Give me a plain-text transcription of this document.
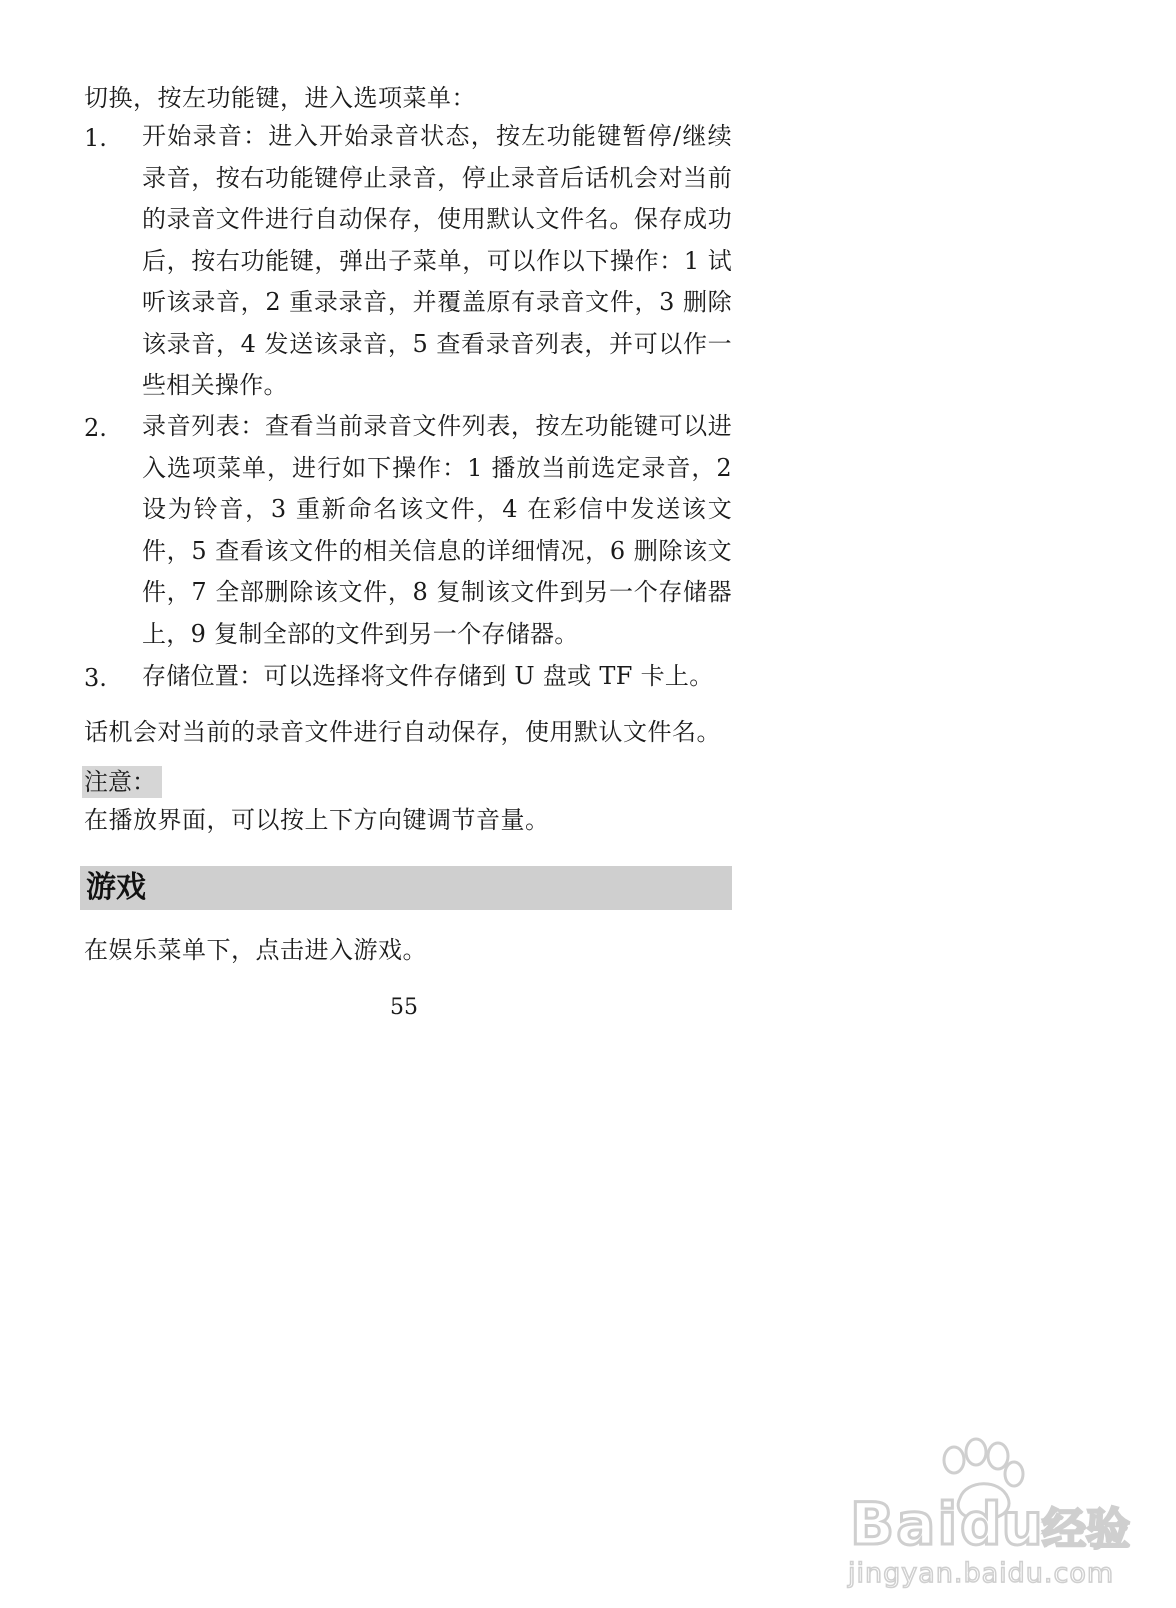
切换，按左功能键，进入选项菜单：
1. 开始录音：进入开始录音状态，按左功能键暂停/继续录音，按右功能键停止录音，停止录音后话机会对当前的录音文件进行自动保存，使用默认文件名。保存成功后，按右功能键，弹出子菜单，可以作以下操作：1 试听该录音，2 重录录音，并覆盖原有录音文件，3 删除该录音，4 发送该录音，5 查看录音列表，并可以作一些相关操作。
2. 录音列表：查看当前录音文件列表，按左功能键可以进入选项菜单，进行如下操作：1 播放当前选定录音，2 设为铃音，3 重新命名该文件，4 在彩信中发送该文件，5 查看该文件的相关信息的详细情况，6 删除该文件，7 全部删除该文件，8 复制该文件到另一个存储器上，9 复制全部的文件到另一个存储器。
3. 存储位置：可以选择将文件存储到 U 盘或 TF 卡上。
话机会对当前的录音文件进行自动保存，使用默认文件名。
注意：
在播放界面，可以按上下方向键调节音量。
游戏
在娱乐菜单下，点击进入游戏。
55
Bai du 经验
jingyan.baidu.com
